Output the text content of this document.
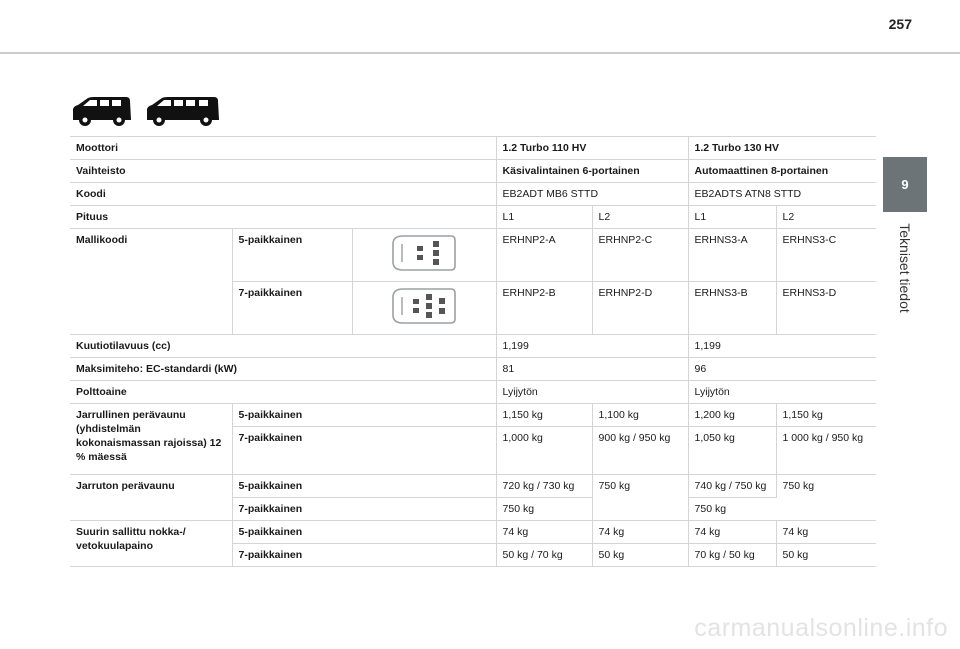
257
9
Tekniset tiedot
Moottori			1.2 Turbo 110 HV		1.2 Turbo 130 HV	
Vaihteisto			Käsivalintainen 6-portainen		Automaattinen 8-portainen	
Koodi			EB2ADT MB6 STTD		EB2ADTS ATN8 STTD	
Pituus			L1	L2	L1	L2
Mallikoodi	5-paikkainen		ERHNP2-A	ERHNP2-C	ERHNS3-A	ERHNS3-C
	7-paikkainen		ERHNP2-B	ERHNP2-D	ERHNS3-B	ERHNS3-D
Kuutiotilavuus (cc)			1,199		1,199	
Maksimiteho: EC-standardi (kW)			81		96	
Polttoaine			Lyijytön		Lyijytön	
Jarrullinen perävaunu (yhdistelmän kokonaismassan rajoissa) 12 % mäessä	5-paikkainen		1,150 kg	1,100 kg	1,200 kg	1,150 kg
	7-paikkainen		1,000 kg	900 kg / 950 kg	1,050 kg	1 000 kg / 950 kg
Jarruton perävaunu	5-paikkainen		720 kg / 730 kg	750 kg	740 kg / 750 kg	750 kg
	7-paikkainen		750 kg		750 kg	
Suurin sallittu nokka-/ vetokuulapaino	5-paikkainen		74 kg	74 kg	74 kg	74 kg
	7-paikkainen		50 kg / 70 kg	50 kg	70 kg / 50 kg	50 kg
carmanualsonline.info
